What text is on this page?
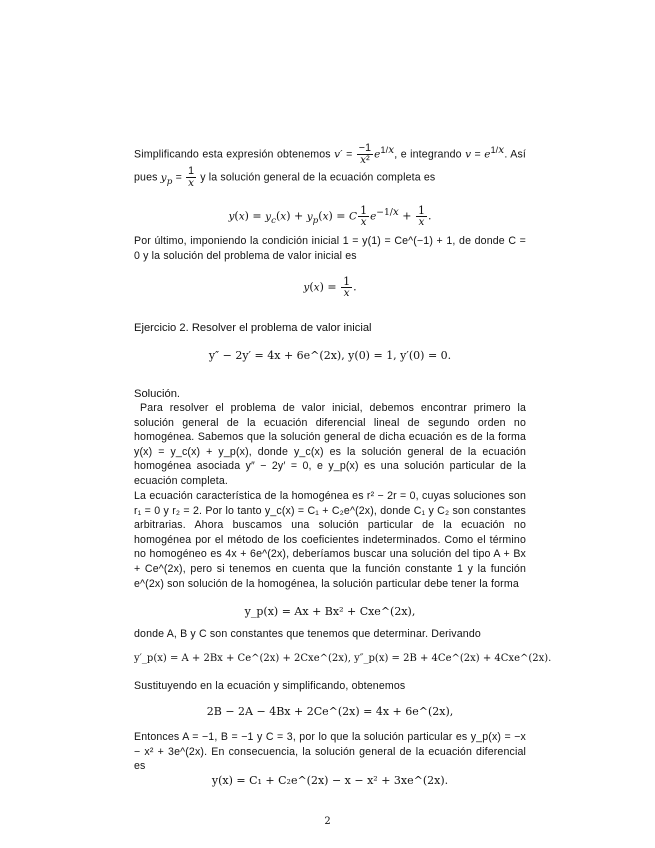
Simplificando esta expresión obtenemos $v' = \frac{-1}{\text{x²}} e^{1/x}$, e integrando $v = e^{1/x}$. Así pues $y_p = \frac{1}{x}$ y la solución general de la ecuación completa es
$y(x) = y_c(x) + y_p(x) = C \frac{1}{x} e^{-1/x} + \frac{1}{x}$ .
Por último, imponiendo la condición inicial 1 = y(1) = Ce^(−1) + 1, de donde C = 0 y la solución del problema de valor inicial es
$y(x) = \frac{1}{x}$ .
Ejercicio 2. Resolver el problema de valor inicial
y″ − 2y′ = 4x + 6e^(2x), y(0) = 1, y′(0) = 0.
Solución.
Para resolver el problema de valor inicial, debemos encontrar primero la solución general de la ecuación diferencial lineal de segundo orden no homogénea. Sabemos que la solución general de dicha ecuación es de la forma y(x) = y_c(x) + y_p(x), donde y_c(x) es la solución general de la ecuación homogénea asociada y″ − 2y′ = 0, e y_p(x) es una solución particular de la ecuación completa.
La ecuación característica de la homogénea es r² − 2r = 0, cuyas soluciones son r₁ = 0 y r₂ = 2. Por lo tanto y_c(x) = C₁ + C₂e^(2x), donde C₁ y C₂ son constantes arbitrarias. Ahora buscamos una solución particular de la ecuación no homogénea por el método de los coeficientes indeterminados. Como el término no homogéneo es 4x + 6e^(2x), deberíamos buscar una solución del tipo A + Bx + Ce^(2x), pero si tenemos en cuenta que la función constante 1 y la función e^(2x) son solución de la homogénea, la solución particular debe tener la forma
y_p(x) = Ax + Bx² + Cxe^(2x),
donde A, B y C son constantes que tenemos que determinar. Derivando
y′_p(x) = A + 2Bx + Ce^(2x) + 2Cxe^(2x), y″_p(x) = 2B + 4Ce^(2x) + 4Cxe^(2x).
Sustituyendo en la ecuación y simplificando, obtenemos
2B − 2A − 4Bx + 2Ce^(2x) = 4x + 6e^(2x),
Entonces A = −1, B = −1 y C = 3, por lo que la solución particular es y_p(x) = −x − x² + 3e^(2x). En consecuencia, la solución general de la ecuación diferencial es
y(x) = C₁ + C₂e^(2x) − x − x² + 3xe^(2x).
2
